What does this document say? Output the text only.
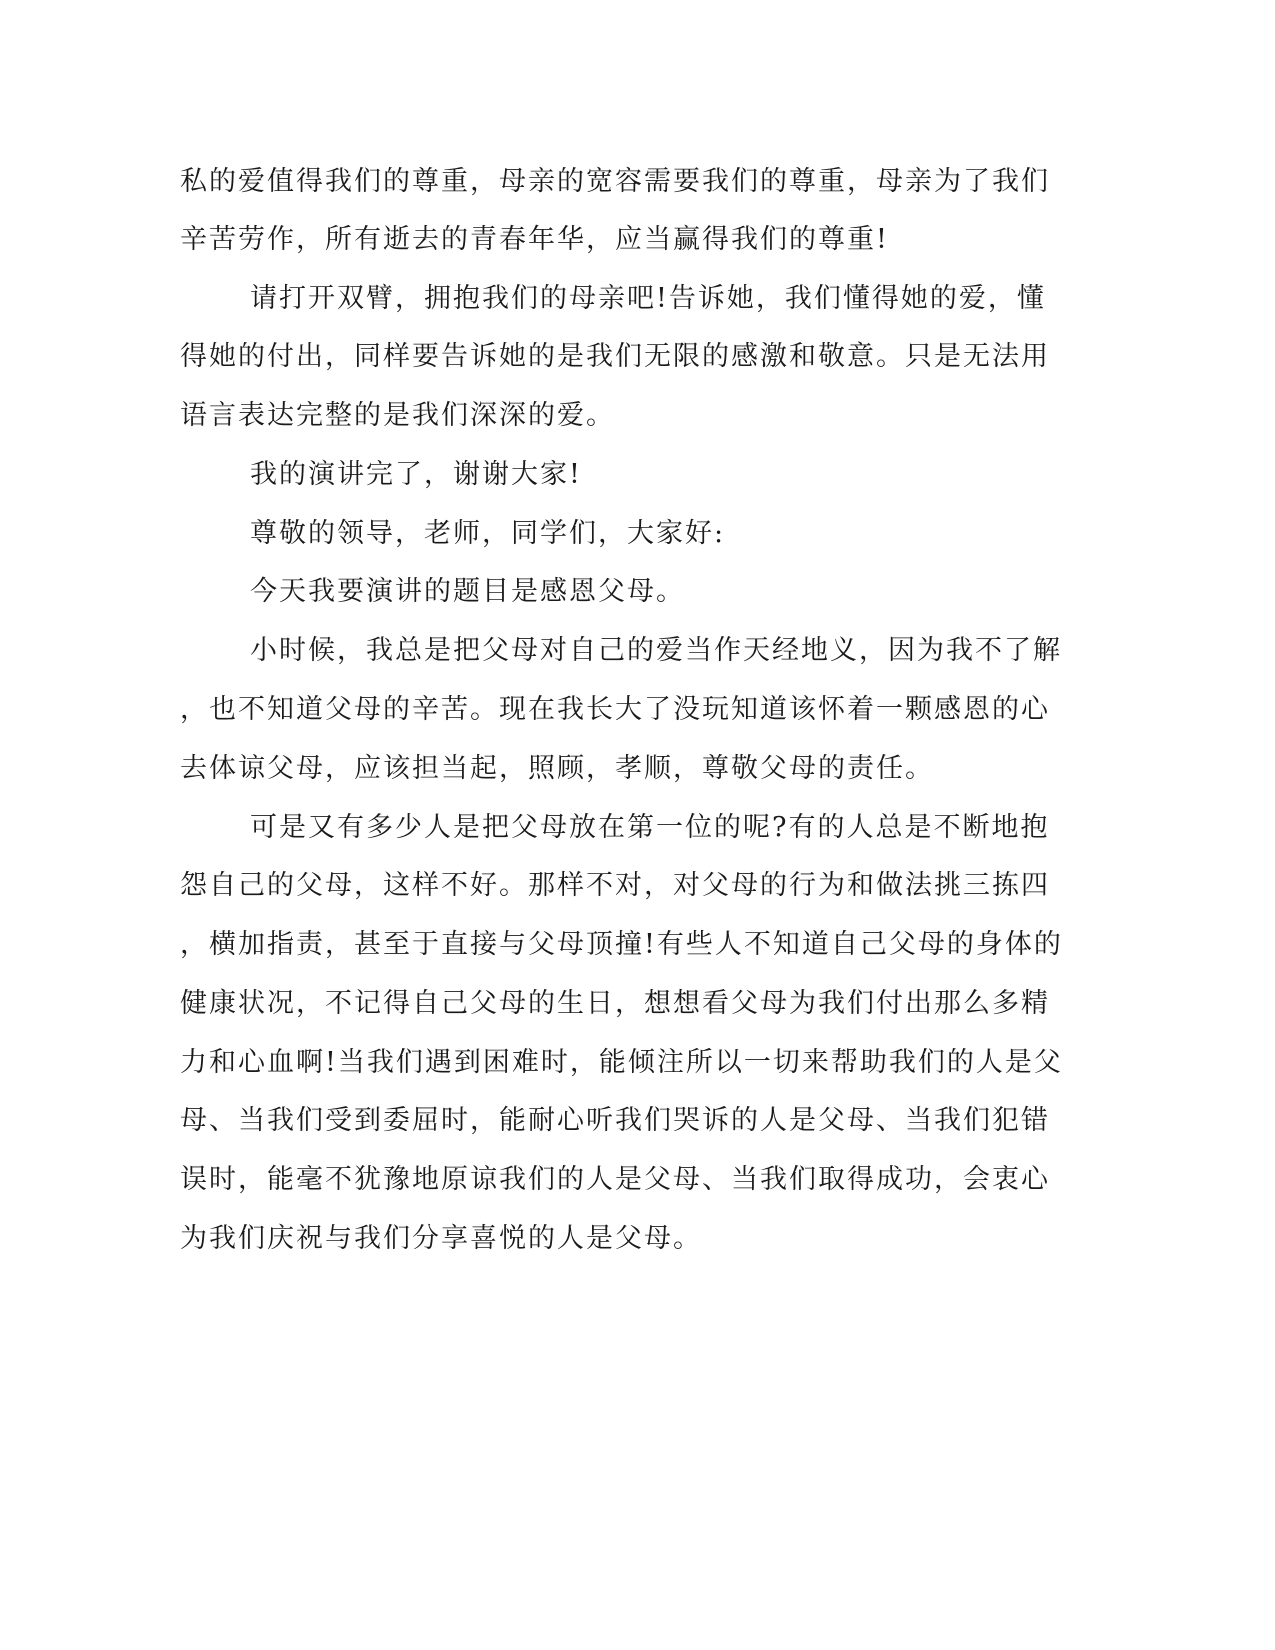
私的爱值得我们的尊重，母亲的宽容需要我们的尊重，母亲为了我们
辛苦劳作，所有逝去的青春年华，应当赢得我们的尊重!
请打开双臂，拥抱我们的母亲吧!告诉她，我们懂得她的爱，懂
得她的付出，同样要告诉她的是我们无限的感激和敬意。只是无法用
语言表达完整的是我们深深的爱。
我的演讲完了，谢谢大家!
尊敬的领导，老师，同学们，大家好:
今天我要演讲的题目是感恩父母。
小时候，我总是把父母对自己的爱当作天经地义，因为我不了解
，也不知道父母的辛苦。现在我长大了没玩知道该怀着一颗感恩的心
去体谅父母，应该担当起，照顾，孝顺，尊敬父母的责任。
可是又有多少人是把父母放在第一位的呢?有的人总是不断地抱
怨自己的父母，这样不好。那样不对，对父母的行为和做法挑三拣四
，横加指责，甚至于直接与父母顶撞!有些人不知道自己父母的身体的
健康状况，不记得自己父母的生日，想想看父母为我们付出那么多精
力和心血啊!当我们遇到困难时，能倾注所以一切来帮助我们的人是父
母、当我们受到委屈时，能耐心听我们哭诉的人是父母、当我们犯错
误时，能毫不犹豫地原谅我们的人是父母、当我们取得成功，会衷心
为我们庆祝与我们分享喜悦的人是父母。
